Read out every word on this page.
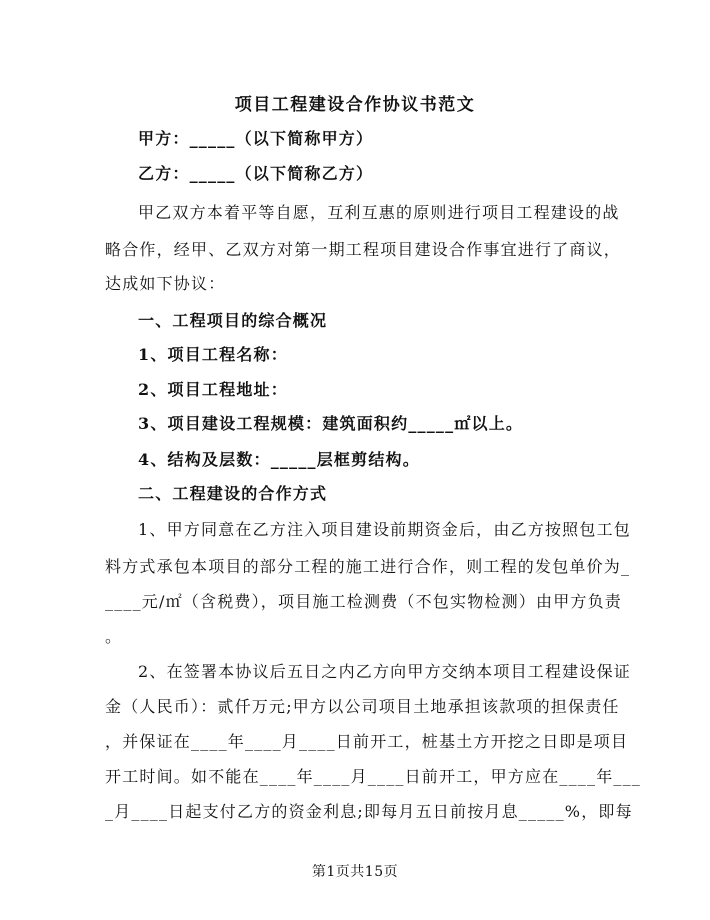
项目工程建设合作协议书范文
甲方：_____（以下简称甲方）
乙方：_____（以下简称乙方）
甲乙双方本着平等自愿，互利互惠的原则进行项目工程建设的战
略合作，经甲、乙双方对第一期工程项目建设合作事宜进行了商议，
达成如下协议：
一、工程项目的综合概况
1、项目工程名称：
2、项目工程地址：
3、项目建设工程规模：建筑面积约_____㎡以上。
4、结构及层数：_____层框剪结构。
二、工程建设的合作方式
1、甲方同意在乙方注入项目建设前期资金后，由乙方按照包工包
料方式承包本项目的部分工程的施工进行合作，则工程的发包单价为_
____元/㎡（含税费），项目施工检测费（不包实物检测）由甲方负责
。
2、在签署本协议后五日之内乙方向甲方交纳本项目工程建设保证
金（人民币）：贰仟万元;甲方以公司项目土地承担该款项的担保责任
，并保证在____年____月____日前开工，桩基土方开挖之日即是项目
开工时间。如不能在____年____月____日前开工，甲方应在____年___
_月____日起支付乙方的资金利息;即每月五日前按月息_____%，即每
第1页共15页
